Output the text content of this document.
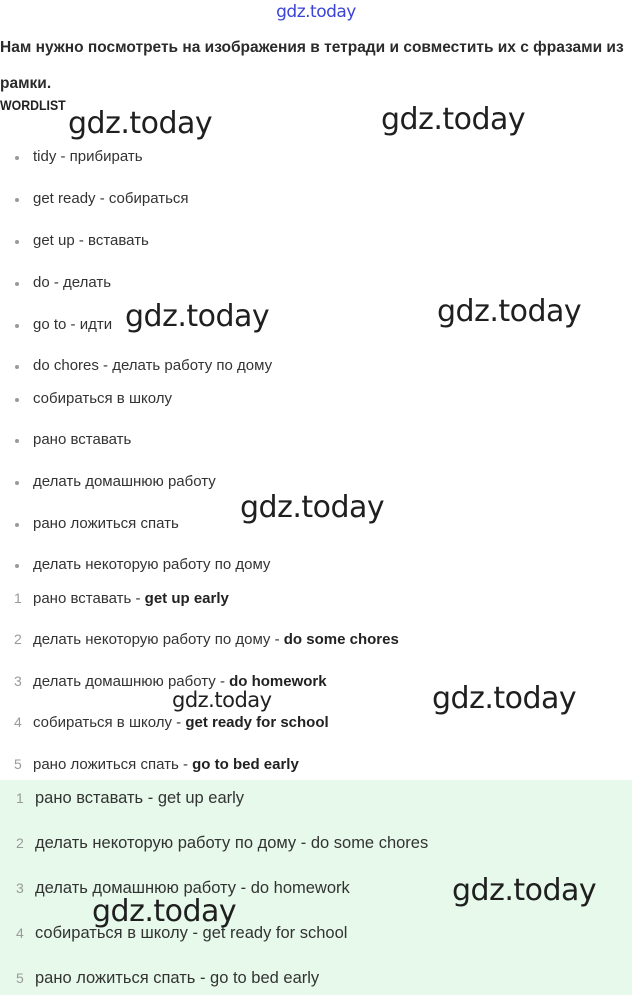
gdz.today
Нам нужно посмотреть на изображения в тетради и совместить их с фразами из рамки.
WORDLIST
tidy - прибирать
get ready - собираться
get up - вставать
do - делать
go to - идти
do chores - делать работу по дому
собираться в школу
рано вставать
делать домашнюю работу
рано ложиться спать
делать некоторую работу по дому
1 рано вставать - get up early
2 делать некоторую работу по дому - do some chores
3 делать домашнюю работу - do homework
4 собираться в школу - get ready for school
5 рано ложиться спать - go to bed early
1 рано вставать - get up early
2 делать некоторую работу по дому - do some chores
3 делать домашнюю работу - do homework
4 собираться в школу - get ready for school
5 рано ложиться спать - go to bed early
gdz.today	gdz.today
gdz.today	gdz.today
gdz.today
gdz.today	gdz.today
gdz.today
gdz.today
